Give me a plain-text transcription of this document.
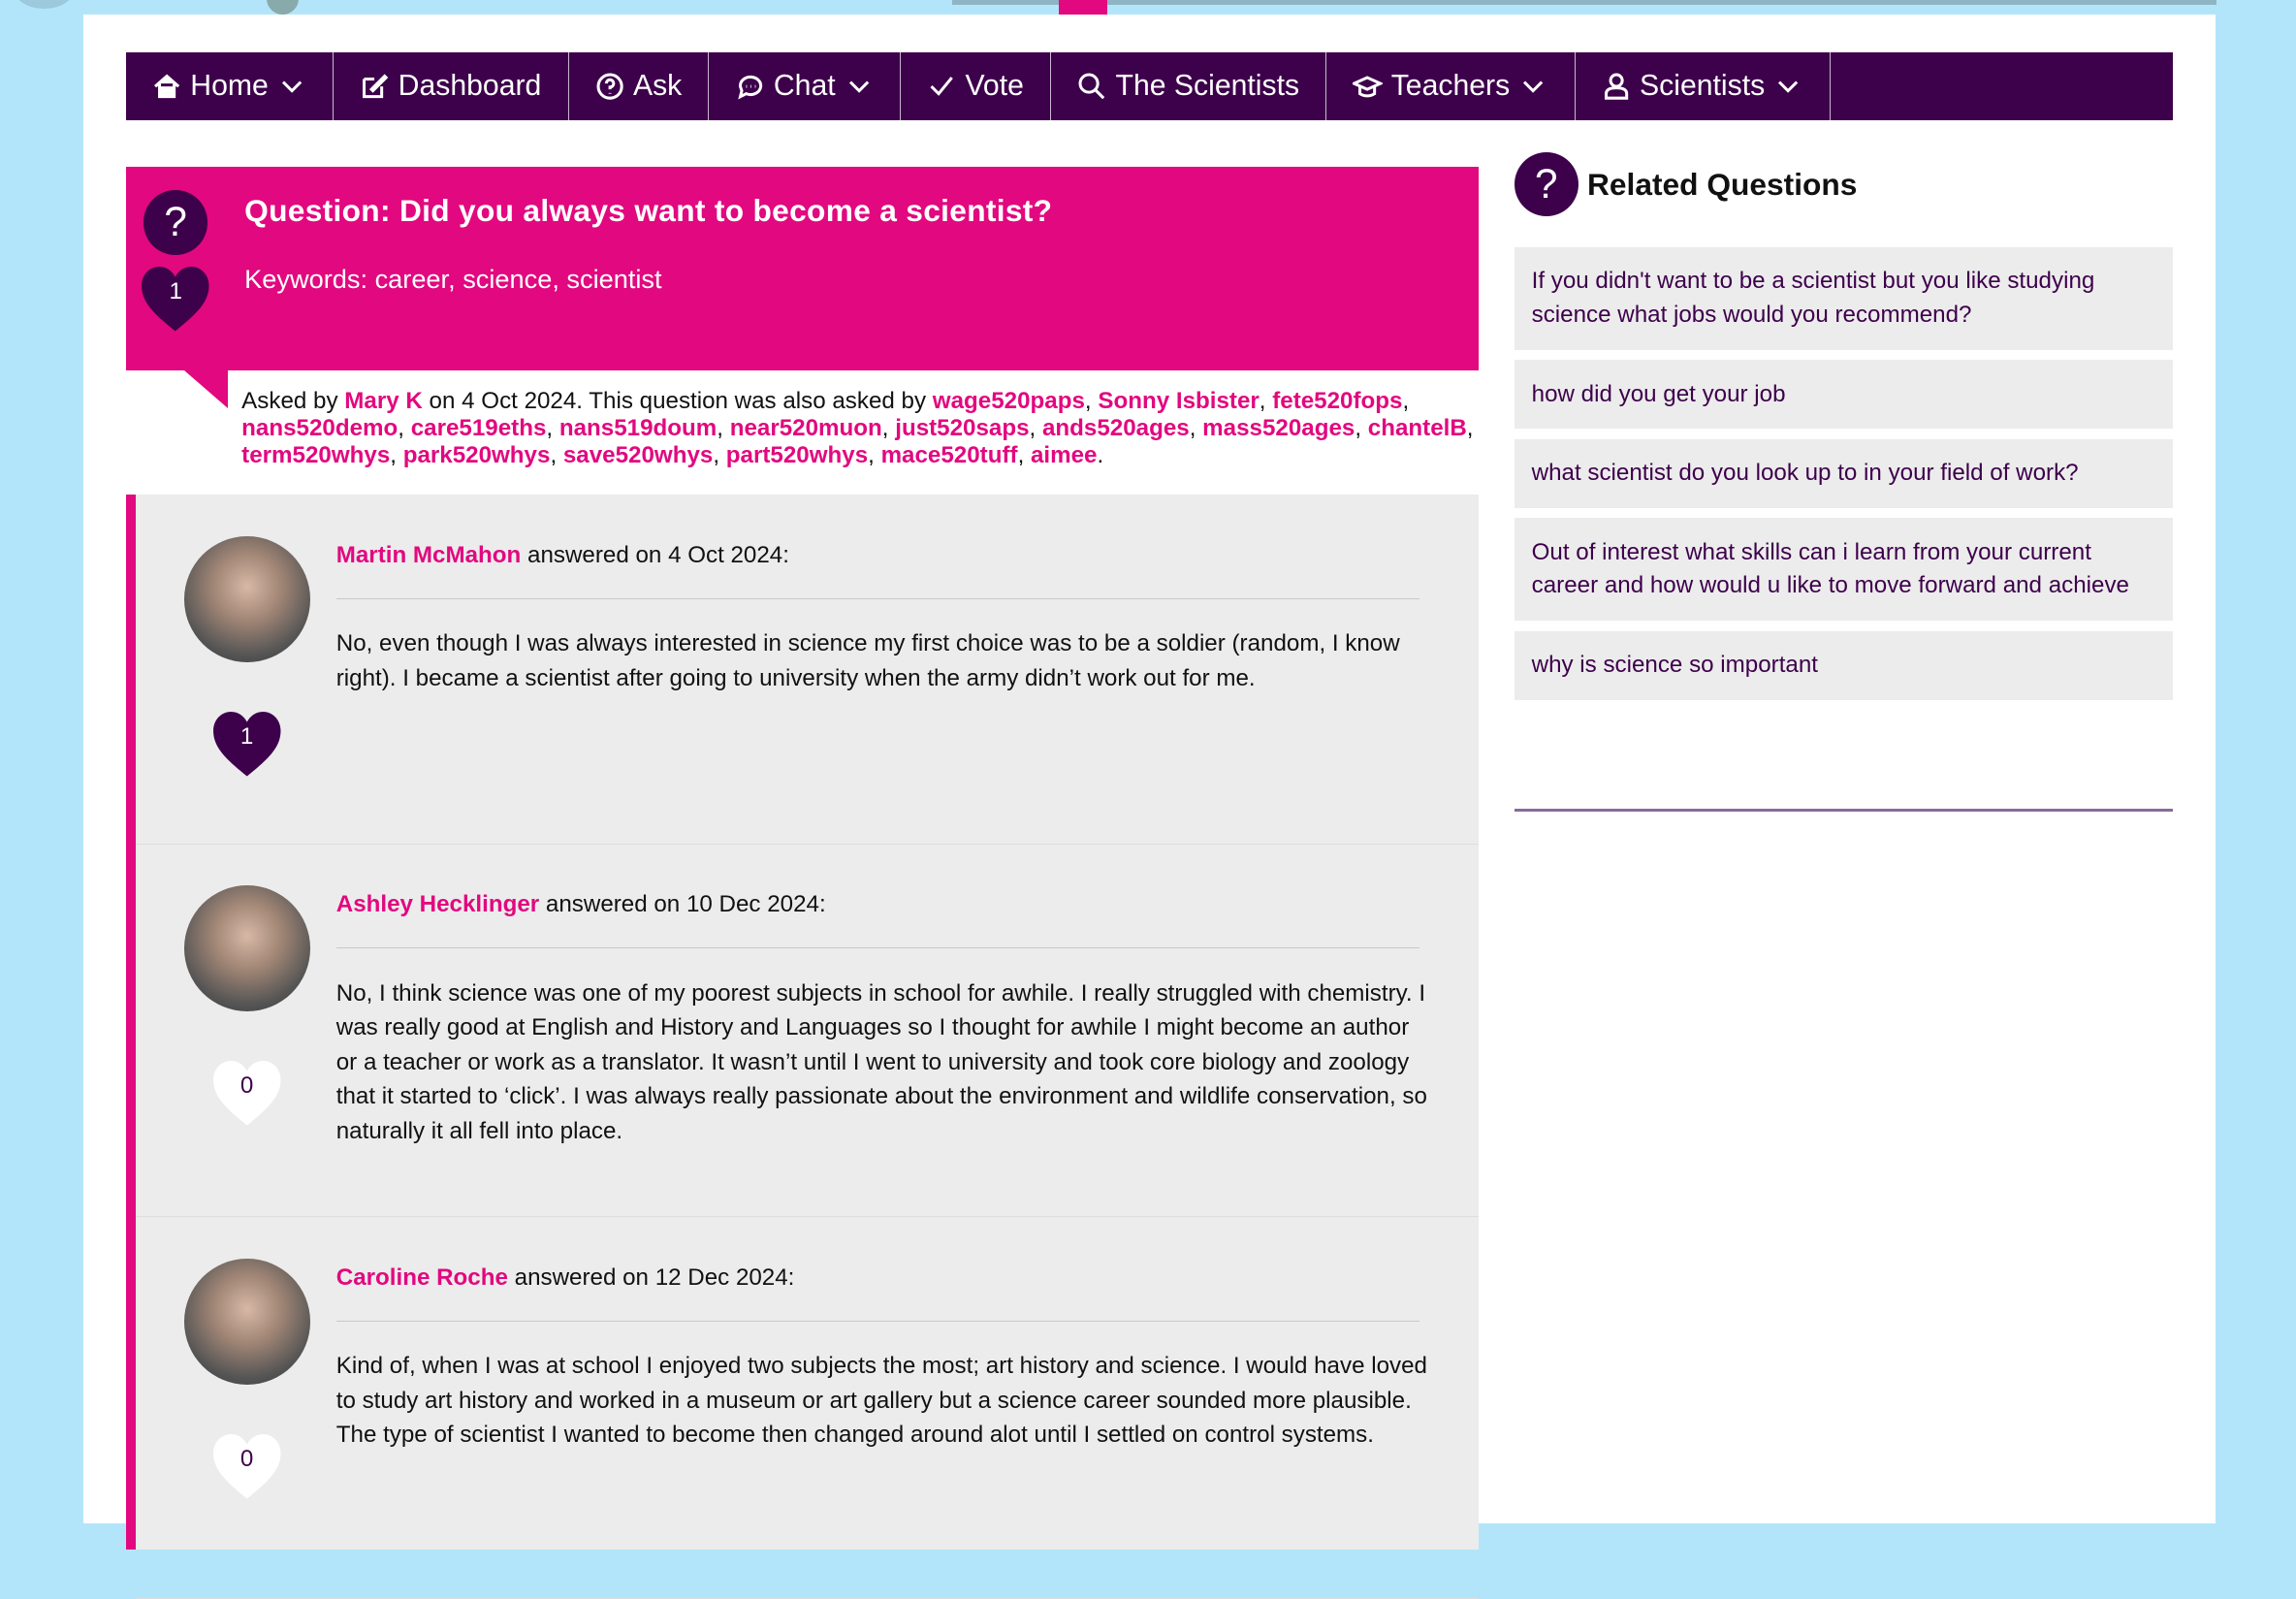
Home	Dashboard	Ask	Chat	Vote	The Scientists	Teachers	Scientists
?
1
Question: Did you always want to become a scientist?
Keywords: career, science, scientist
Asked by Mary K on 4 Oct 2024. This question was also asked by wage520paps, Sonny Isbister, fete520fops, nans520demo, care519eths, nans519doum, near520muon, just520saps, ands520ages, mass520ages, chantelB, term520whys, park520whys, save520whys, part520whys, mace520tuff, aimee.
1
Martin McMahon answered on 4 Oct 2024:
No, even though I was always interested in science my first choice was to be a soldier (random, I know right). I became a scientist after going to university when the army didn’t work out for me.
0
Ashley Hecklinger answered on 10 Dec 2024:
No, I think science was one of my poorest subjects in school for awhile. I really struggled with chemistry. I was really good at English and History and Languages so I thought for awhile I might become an author or a teacher or work as a translator. It wasn’t until I went to university and took core biology and zoology that it started to ‘click’. I was always really passionate about the environment and wildlife conservation, so naturally it all fell into place.
0
Caroline Roche answered on 12 Dec 2024:
Kind of, when I was at school I enjoyed two subjects the most; art history and science. I would have loved to study art history and worked in a museum or art gallery but a science career sounded more plausible. The type of scientist I wanted to become then changed around alot until I settled on control systems.
?	Related Questions
If you didn't want to be a scientist but you like studying science what jobs would you recommend?
how did you get your job
what scientist do you look up to in your field of work?
Out of interest what skills can i learn from your current career and how would u like to move forward and achieve
why is science so important
